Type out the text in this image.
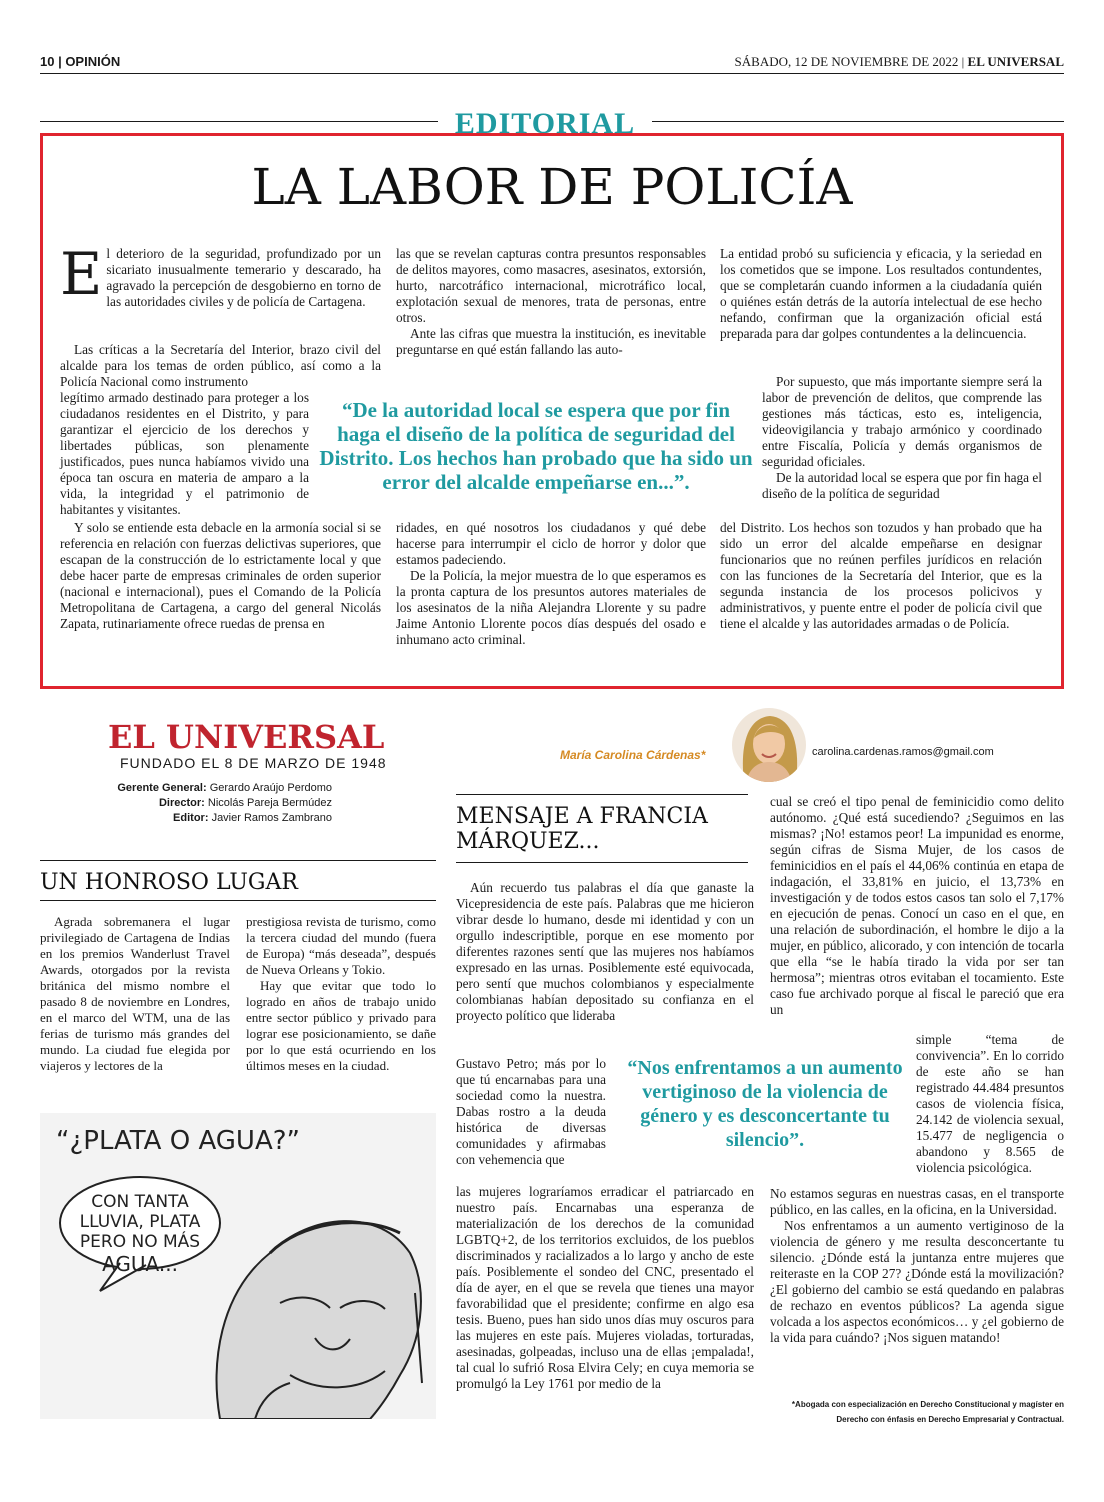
10 | OPINIÓN	SÁBADO, 12 DE NOVIEMBRE DE 2022 | EL UNIVERSAL
EDITORIAL
LA LABOR DE POLICÍA
E l deterioro de la seguridad, profundizado por un sicariato inusualmente temerario y descarado, ha agravado la percepción de desgobierno en torno de las autoridades civiles y de policía de Cartagena.

Las críticas a la Secretaría del Interior, brazo civil del alcalde para los temas de orden público, así como a la Policía Nacional como instrumento

legítimo armado destinado para proteger a los ciudadanos residentes en el Distrito, y para garantizar el ejercicio de los derechos y libertades públicas, son plenamente justificados, pues nunca habíamos vivido una época tan oscura en materia de amparo a la vida, la integridad y el patrimonio de habitantes y visitantes.

Y solo se entiende esta debacle en la armonía social si se referencia en relación con fuerzas delictivas superiores, que escapan de la construcción de lo estrictamente local y que debe hacer parte de empresas criminales de orden superior (nacional e internacional), pues el Comando de la Policía Metropolitana de Cartagena, a cargo del general Nicolás Zapata, rutinariamente ofrece ruedas de prensa en

las que se revelan capturas contra presuntos responsables de delitos mayores, como masacres, asesinatos, extorsión, hurto, narcotráfico internacional, microtráfico local, explotación sexual de menores, trata de personas, entre otros.

Ante las cifras que muestra la institución, es inevitable preguntarse en qué están fallando las auto-

ridades, en qué nosotros los ciudadanos y qué debe hacerse para interrumpir el ciclo de horror y dolor que estamos padeciendo.

De la Policía, la mejor muestra de lo que esperamos es la pronta captura de los presuntos autores materiales de los asesinatos de la niña Alejandra Llorente y su padre Jaime Antonio Llorente pocos días después del osado e inhumano acto criminal.

La entidad probó su suficiencia y eficacia, y la seriedad en los cometidos que se impone. Los resultados contundentes, que se completarán cuando informen a la ciudadanía quién o quiénes están detrás de la autoría intelectual de ese hecho nefando, confirman que la organización oficial está preparada para dar golpes contundentes a la delincuencia.

Por supuesto, que más importante siempre será la labor de prevención de delitos, que comprende las gestiones más tácticas, esto es, inteligencia, videovigilancia y trabajo armónico y coordinado entre Fiscalía, Policía y demás organismos de seguridad oficiales.

De la autoridad local se espera que por fin haga el diseño de la política de seguridad

del Distrito. Los hechos son tozudos y han probado que ha sido un error del alcalde empeñarse en designar funcionarios que no reúnen perfiles jurídicos en relación con las funciones de la Secretaría del Interior, que es la segunda instancia de los procesos policivos y administrativos, y puente entre el poder de policía civil que tiene el alcalde y las autoridades armadas o de Policía.

“De la autoridad local se espera que por fin haga el diseño de la política de seguridad del Distrito. Los hechos han probado que ha sido un error del alcalde empeñarse en...”.
EL UNIVERSAL
FUNDADO EL 8 DE MARZO DE 1948
Gerente General: Gerardo Araújo Perdomo
Director: Nicolás Pareja Bermúdez
Editor: Javier Ramos Zambrano
UN HONROSO LUGAR

Agrada sobremanera el lugar privilegiado de Cartagena de Indias en los premios Wanderlust Travel Awards, otorgados por la revista británica del mismo nombre el pasado 8 de noviembre en Londres, en el marco del WTM, una de las ferias de turismo más grandes del mundo. La ciudad fue elegida por viajeros y lectores de la

prestigiosa revista de turismo, como la tercera ciudad del mundo (fuera de Europa) “más deseada”, después de Nueva Orleans y Tokio.

Hay que evitar que todo lo logrado en años de trabajo unido entre sector público y privado para lograr ese posicionamiento, se dañe por lo que está ocurriendo en los últimos meses en la ciudad.

“¿PLATA O AGUA?”
CON TANTA
LLUVIA, PLATA
PERO NO MÁS
AGUA...
María Carolina Cárdenas*	carolina.cardenas.ramos@gmail.com
MENSAJE A FRANCIA
MÁRQUEZ...

Aún recuerdo tus palabras el día que ganaste la Vicepresidencia de este país. Palabras que me hicieron vibrar desde lo humano, desde mi identidad y con un orgullo indescriptible, porque en ese momento por diferentes razones sentí que las mujeres nos habíamos expresado en las urnas. Posiblemente esté equivocada, pero sentí que muchos colombianos y especialmente colombianas habían depositado su confianza en el proyecto político que lideraba

Gustavo Petro; más por lo que tú encarnabas para una sociedad como la nuestra. Dabas rostro a la deuda histórica de diversas comunidades y afirmabas con vehemencia que

las mujeres lograríamos erradicar el patriarcado en nuestro país. Encarnabas una esperanza de materialización de los derechos de la comunidad LGBTQ+2, de los territorios excluidos, de los pueblos discriminados y racializados a lo largo y ancho de este país. Posiblemente el sondeo del CNC, presentado el día de ayer, en el que se revela que tienes una mayor favorabilidad que el presidente; confirme en algo esa tesis. Bueno, pues han sido unos días muy oscuros para las mujeres en este país. Mujeres violadas, torturadas, asesinadas, golpeadas, incluso una de ellas ¡empalada!, tal cual lo sufrió Rosa Elvira Cely; en cuya memoria se promulgó la Ley 1761 por medio de la

cual se creó el tipo penal de feminicidio como delito autónomo. ¿Qué está sucediendo? ¿Seguimos en las mismas? ¡No! estamos peor! La impunidad es enorme, según cifras de Sisma Mujer, de los casos de feminicidios en el país el 44,06% continúa en etapa de indagación, el 33,81% en juicio, el 13,73% en investigación y de todos estos casos tan solo el 7,17% en ejecución de penas. Conocí un caso en el que, en una relación de subordinación, el hombre le dijo a la mujer, en público, alicorado, y con intención de tocarla que ella “se le había tirado la vida por ser tan hermosa”; mientras otros evitaban el tocamiento. Este caso fue archivado porque al fiscal le pareció que era un

simple “tema de convivencia”. En lo corrido de este año se han registrado 44.484 presuntos casos de violencia física, 24.142 de violencia sexual, 15.477 de negligencia o abandono y 8.565 de violencia psicológica.

No estamos seguras en nuestras casas, en el transporte público, en las calles, en la oficina, en la Universidad.

Nos enfrentamos a un aumento vertiginoso de la violencia de género y me resulta desconcertante tu silencio. ¿Dónde está la juntanza entre mujeres que reiteraste en la COP 27? ¿Dónde está la movilización? ¿El gobierno del cambio se está quedando en palabras de rechazo en eventos públicos? La agenda sigue volcada a los aspectos económicos… y ¿el gobierno de la vida para cuándo? ¡Nos siguen matando!

“Nos enfrentamos a un aumento vertiginoso de la violencia de género y es desconcertante tu silencio”.
*Abogada con especialización en Derecho Constitucional y magíster en
Derecho con énfasis en Derecho Empresarial y Contractual.
